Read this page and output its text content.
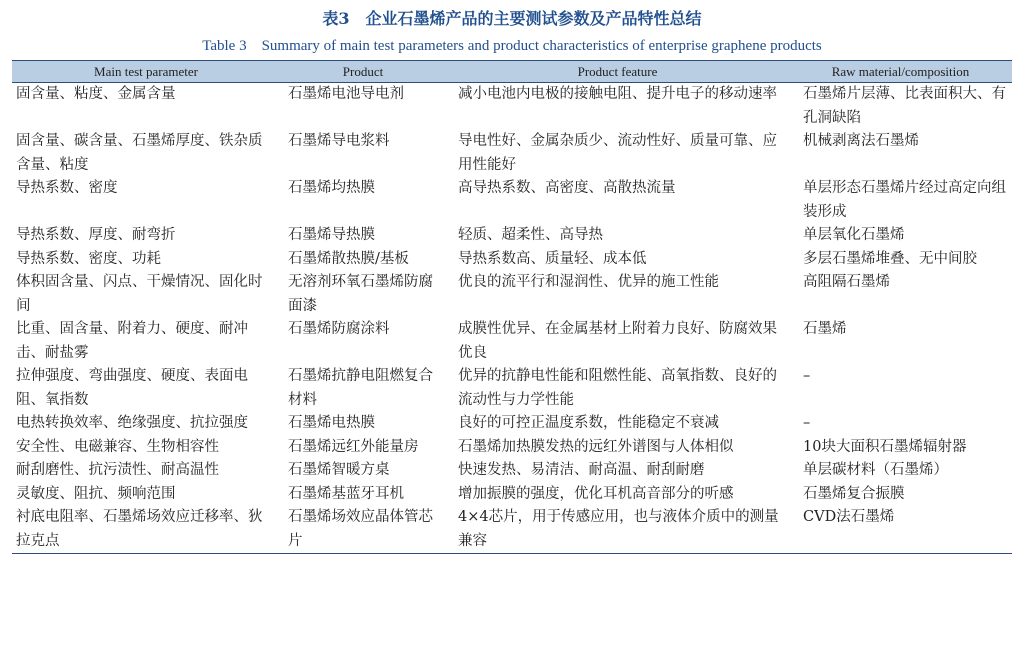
表3　企业石墨烯产品的主要测试参数及产品特性总结
Table 3　Summary of main test parameters and product characteristics of enterprise graphene products
Main test parameter	Product	Product feature	Raw material/composition
固含量、粘度、金属含量	石墨烯电池导电剂	减小电池内电极的接触电阻、提升电子的移动速率	石墨烯片层薄、比表面积大、有孔洞缺陷
固含量、碳含量、石墨烯厚度、铁杂质含量、粘度	石墨烯导电浆料	导电性好、金属杂质少、流动性好、质量可靠、应用性能好	机械剥离法石墨烯
导热系数、密度	石墨烯均热膜	高导热系数、高密度、高散热流量	单层形态石墨烯片经过高定向组装形成
导热系数、厚度、耐弯折	石墨烯导热膜	轻质、超柔性、高导热	单层氧化石墨烯
导热系数、密度、功耗	石墨烯散热膜/基板	导热系数高、质量轻、成本低	多层石墨烯堆叠、无中间胶
体积固含量、闪点、干燥情况、固化时间	无溶剂环氧石墨烯防腐面漆	优良的流平行和湿润性、优异的施工性能	高阻隔石墨烯
比重、固含量、附着力、硬度、耐冲击、耐盐雾	石墨烯防腐涂料	成膜性优异、在金属基材上附着力良好、防腐效果优良	石墨烯
拉伸强度、弯曲强度、硬度、表面电阻、氧指数	石墨烯抗静电阻燃复合材料	优异的抗静电性能和阻燃性能、高氧指数、良好的流动性与力学性能	–
电热转换效率、绝缘强度、抗拉强度	石墨烯电热膜	良好的可控正温度系数，性能稳定不衰减	–
安全性、电磁兼容、生物相容性	石墨烯远红外能量房	石墨烯加热膜发热的远红外谱图与人体相似	10块大面积石墨烯辐射器
耐刮磨性、抗污渍性、耐高温性	石墨烯智暖方桌	快速发热、易清洁、耐高温、耐刮耐磨	单层碳材料（石墨烯）
灵敏度、阻抗、频响范围	石墨烯基蓝牙耳机	增加振膜的强度，优化耳机高音部分的听感	石墨烯复合振膜
衬底电阻率、石墨烯场效应迁移率、狄拉克点	石墨烯场效应晶体管芯片	4×4芯片，用于传感应用，也与液体介质中的测量兼容	CVD法石墨烯
